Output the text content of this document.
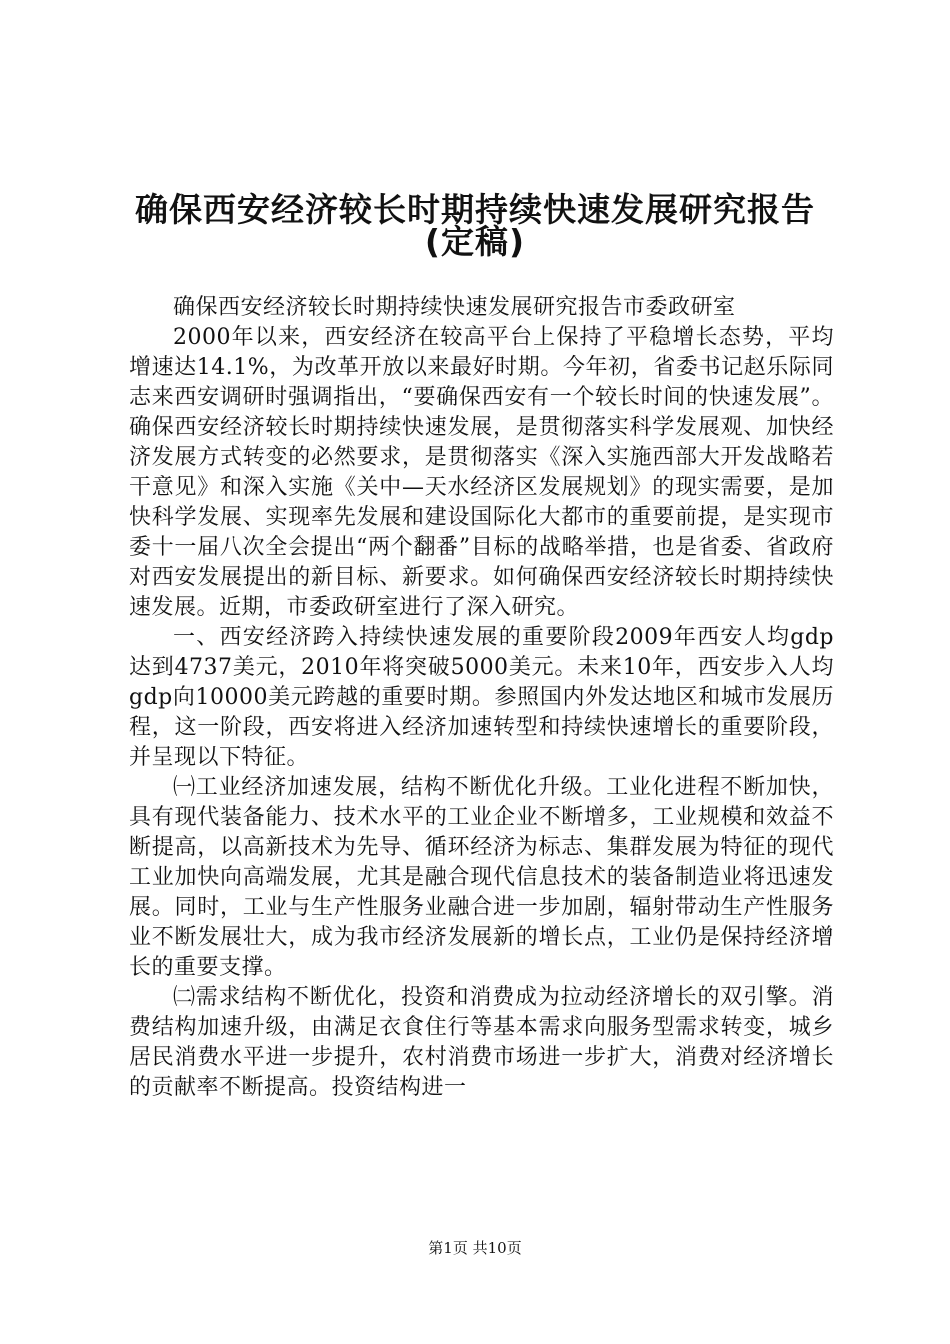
确保西安经济较长时期持续快速发展研究报告
(定稿)

确保西安经济较长时期持续快速发展研究报告市委政研室

2000年以来，西安经济在较高平台上保持了平稳增长态势，平均增速达14.1%，为改革开放以来最好时期。今年初，省委书记赵乐际同志来西安调研时强调指出，“要确保西安有一个较长时间的快速发展”。确保西安经济较长时期持续快速发展，是贯彻落实科学发展观、加快经济发展方式转变的必然要求，是贯彻落实《深入实施西部大开发战略若干意见》和深入实施《关中—天水经济区发展规划》的现实需要，是加快科学发展、实现率先发展和建设国际化大都市的重要前提，是实现市委十一届八次全会提出“两个翻番”目标的战略举措，也是省委、省政府对西安发展提出的新目标、新要求。如何确保西安经济较长时期持续快速发展。近期，市委政研室进行了深入研究。

一、西安经济跨入持续快速发展的重要阶段2009年西安人均gdp达到4737美元，2010年将突破5000美元。未来10年，西安步入人均gdp向10000美元跨越的重要时期。参照国内外发达地区和城市发展历程，这一阶段，西安将进入经济加速转型和持续快速增长的重要阶段，并呈现以下特征。

㈠工业经济加速发展，结构不断优化升级。工业化进程不断加快，具有现代装备能力、技术水平的工业企业不断增多，工业规模和效益不断提高，以高新技术为先导、循环经济为标志、集群发展为特征的现代工业加快向高端发展，尤其是融合现代信息技术的装备制造业将迅速发展。同时，工业与生产性服务业融合进一步加剧，辐射带动生产性服务业不断发展壮大，成为我市经济发展新的增长点，工业仍是保持经济增长的重要支撑。

㈡需求结构不断优化，投资和消费成为拉动经济增长的双引擎。消费结构加速升级，由满足衣食住行等基本需求向服务型需求转变，城乡居民消费水平进一步提升，农村消费市场进一步扩大，消费对经济增长的贡献率不断提高。投资结构进一

第1页 共10页
